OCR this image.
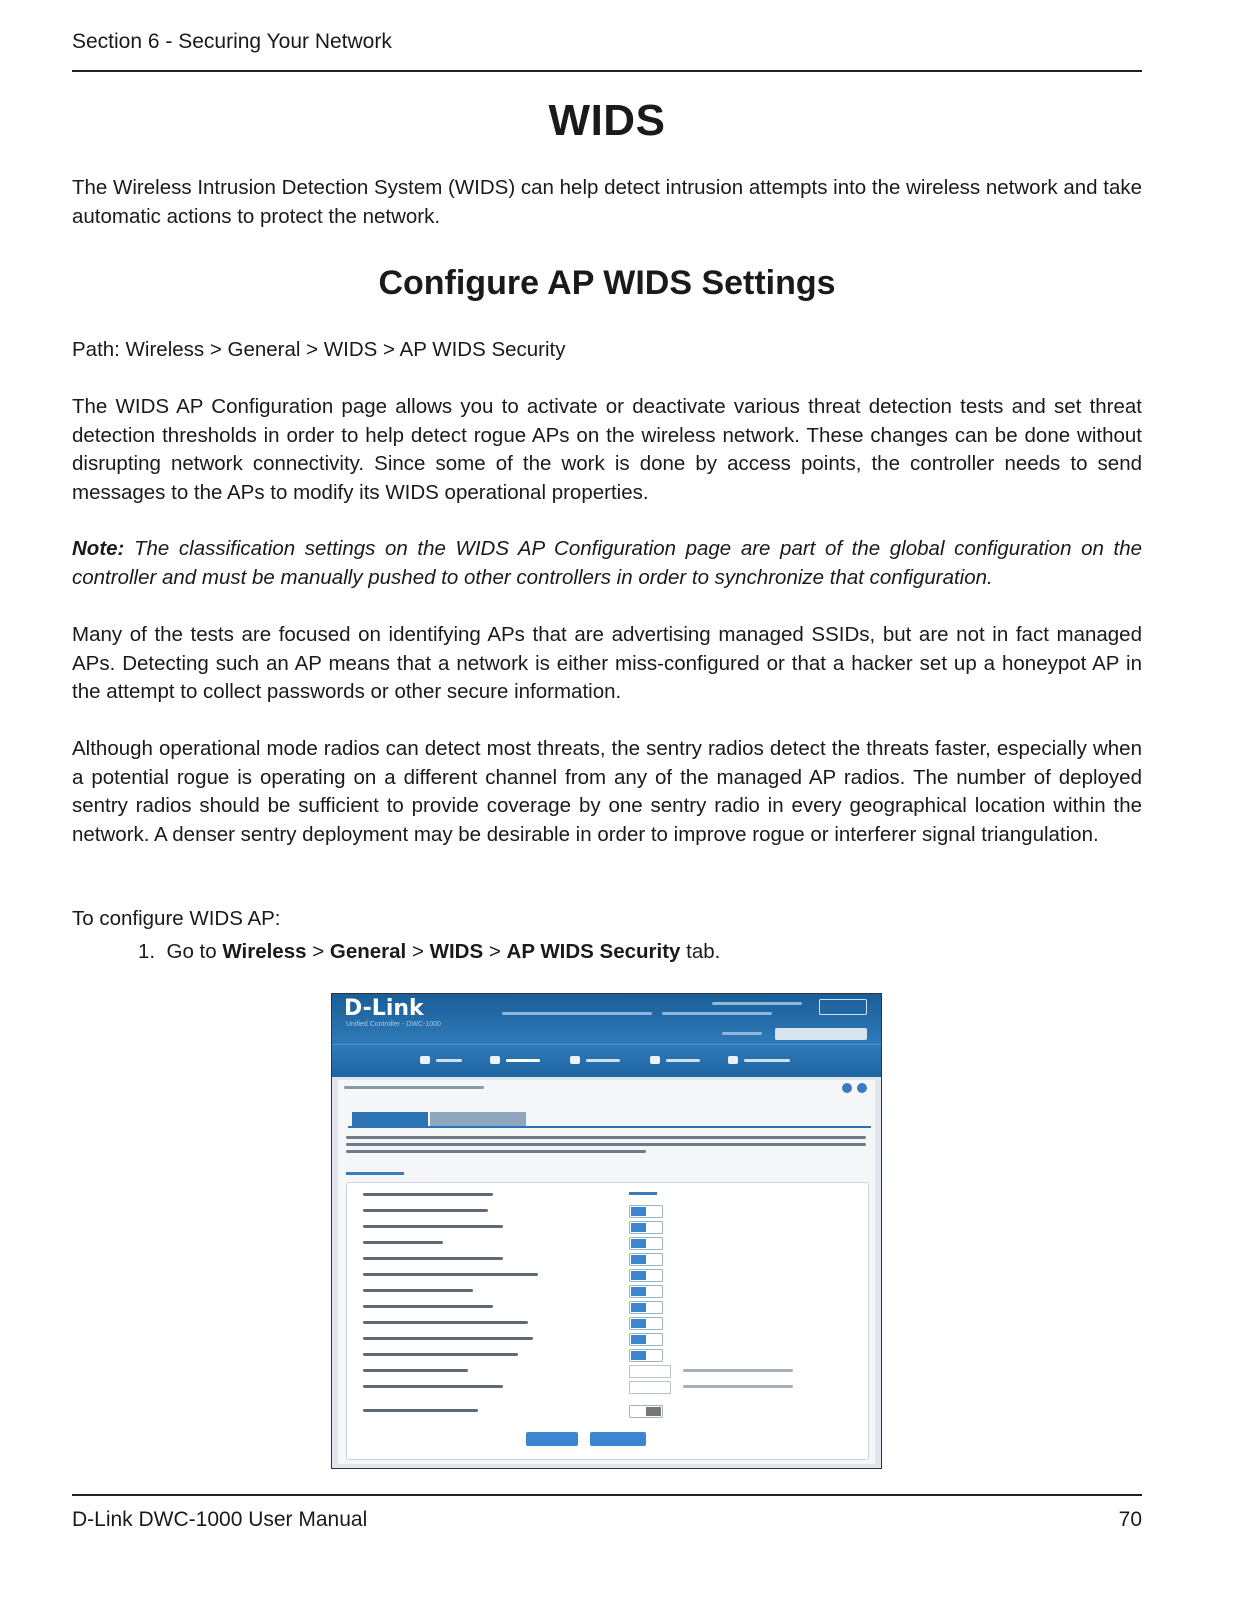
Section 6 - Securing Your Network
WIDS

The Wireless Intrusion Detection System (WIDS) can help detect intrusion attempts into the wireless network and take automatic actions to protect the network.

Configure AP WIDS Settings

Path: Wireless > General > WIDS > AP WIDS Security

The WIDS AP Configuration page allows you to activate or deactivate various threat detection tests and set threat detection thresholds in order to help detect rogue APs on the wireless network. These changes can be done without disrupting network connectivity. Since some of the work is done by access points, the controller needs to send messages to the APs to modify its WIDS operational properties.

Note: The classification settings on the WIDS AP Configuration page are part of the global configuration on the controller and must be manually pushed to other controllers in order to synchronize that configuration.

Many of the tests are focused on identifying APs that are advertising managed SSIDs, but are not in fact managed APs. Detecting such an AP means that a network is either miss-configured or that a hacker set up a honeypot AP in the attempt to collect passwords or other secure information.

Although operational mode radios can detect most threats, the sentry radios detect the threats faster, especially when a potential rogue is operating on a different channel from any of the managed AP radios. The number of deployed sentry radios should be sufficient to provide coverage by one sentry radio in every geographical location within the network. A denser sentry deployment may be desirable in order to improve rogue or interferer signal triangulation.

To configure WIDS AP:

1. Go to Wireless > General > WIDS > AP WIDS Security tab.
D-Link
Unified Controller - DWC-1000
D-Link DWC-1000 User Manual	70
